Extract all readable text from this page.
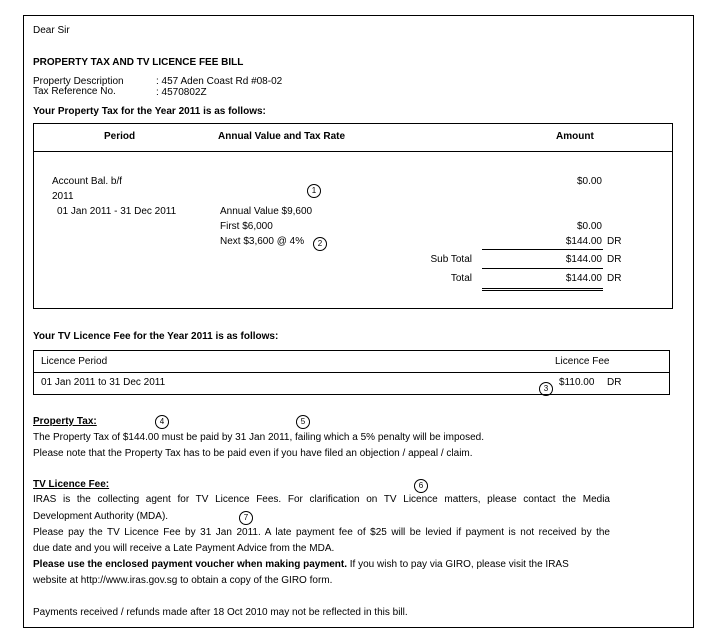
Dear Sir
PROPERTY TAX AND TV LICENCE FEE BILL
Property Description	: 457 Aden Coast Rd #08-02
Tax Reference No.	: 4570802Z
Your Property Tax for the Year 2011 is as follows:
Period	Annual Value and Tax Rate	Amount
Account Bal. b/f	$0.00
2011
01 Jan 2011 - 31 Dec 2011	Annual Value $9,600
First $6,000	$0.00
Next $3,600 @ 4%	$144.00 DR
Sub Total	$144.00 DR
Total	$144.00 DR
Your TV Licence Fee for the Year 2011 is as follows:
Licence Period	Licence Fee
01 Jan 2011 to 31 Dec 2011	$110.00 DR
1
2
3
4	5
6
7
Property Tax:
The Property Tax of $144.00 must be paid by 31 Jan 2011, failing which a 5% penalty will be imposed.
Please note that the Property Tax has to be paid even if you have filed an objection / appeal / claim.
TV Licence Fee:
IRAS is the collecting agent for TV Licence Fees. For clarification on TV Licence matters, please contact the Media
Development Authority (MDA).
Please pay the TV Licence Fee by 31 Jan 2011. A late payment fee of $25 will be levied if payment is not received by the
due date and you will receive a Late Payment Advice from the MDA.
Please use the enclosed payment voucher when making payment. If you wish to pay via GIRO, please visit the IRAS
website at http://www.iras.gov.sg to obtain a copy of the GIRO form.
Payments received / refunds made after 18 Oct 2010 may not be reflected in this bill.
